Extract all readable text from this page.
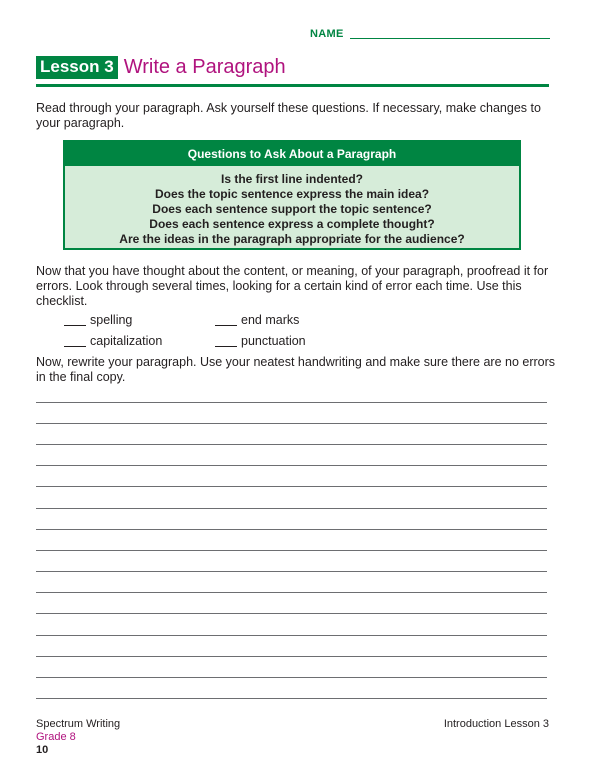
NAME
Lesson 3 Write a Paragraph
Read through your paragraph. Ask yourself these questions. If necessary, make changes to your paragraph.
Questions to Ask About a Paragraph
Is the first line indented?
Does the topic sentence express the main idea?
Does each sentence support the topic sentence?
Does each sentence express a complete thought?
Are the ideas in the paragraph appropriate for the audience?
Now that you have thought about the content, or meaning, of your paragraph, proofread it for errors. Look through several times, looking for a certain kind of error each time. Use this checklist.
spelling	end marks
capitalization	punctuation
Now, rewrite your paragraph. Use your neatest handwriting and make sure there are no errors in the final copy.
Spectrum Writing
Grade 8
10
Introduction Lesson 3
